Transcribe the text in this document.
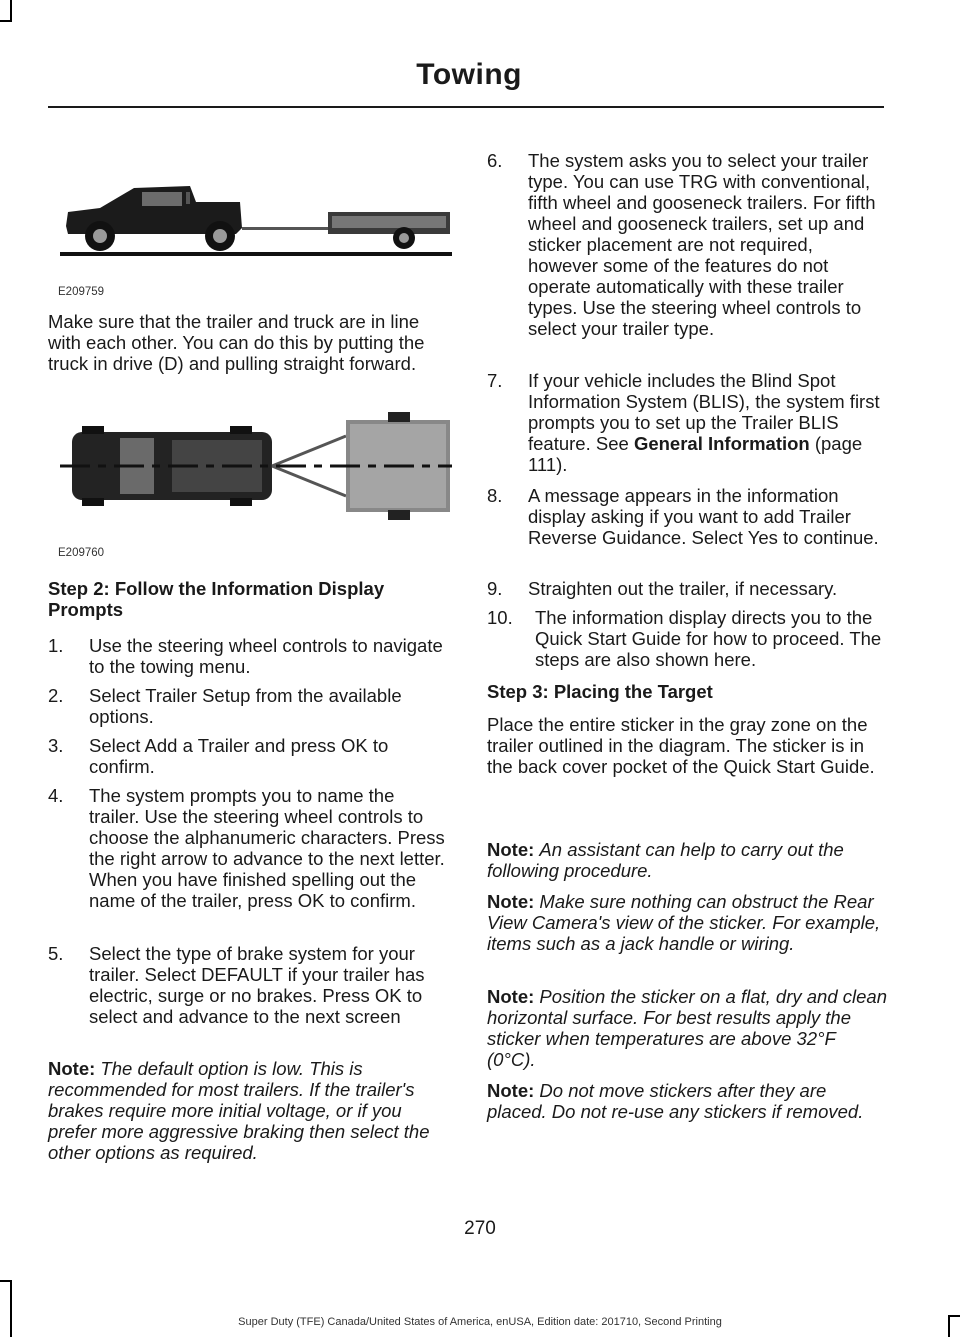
Towing
E209759

Make sure that the trailer and truck are in line with each other. You can do this by putting the truck in drive (D) and pulling straight forward.

E209760
Step 2: Follow the Information Display Prompts
1. Use the steering wheel controls to navigate to the towing menu.
2. Select Trailer Setup from the available options.
3. Select Add a Trailer and press OK to confirm.
4. The system prompts you to name the trailer. Use the steering wheel controls to choose the alphanumeric characters. Press the right arrow to advance to the next letter. When you have finished spelling out the name of the trailer, press OK to confirm.
5. Select the type of brake system for your trailer. Select DEFAULT if your trailer has electric, surge or no brakes. Press OK to select and advance to the next screen

Note: The default option is low. This is recommended for most trailers. If the trailer's brakes require more initial voltage, or if you prefer more aggressive braking then select the other options as required.

6. The system asks you to select your trailer type. You can use TRG with conventional, fifth wheel and gooseneck trailers. For fifth wheel and gooseneck trailers, set up and sticker placement are not required, however some of the features do not operate automatically with these trailer types. Use the steering wheel controls to select your trailer type.
7. If your vehicle includes the Blind Spot Information System (BLIS), the system first prompts you to set up the Trailer BLIS feature. See General Information (page 111).
8. A message appears in the information display asking if you want to add Trailer Reverse Guidance. Select Yes to continue.
9. Straighten out the trailer, if necessary.
10. The information display directs you to the Quick Start Guide for how to proceed. The steps are also shown here.
Step 3: Placing the Target

Place the entire sticker in the gray zone on the trailer outlined in the diagram. The sticker is in the back cover pocket of the Quick Start Guide.

Note: An assistant can help to carry out the following procedure.

Note: Make sure nothing can obstruct the Rear View Camera's view of the sticker. For example, items such as a jack handle or wiring.

Note: Position the sticker on a flat, dry and clean horizontal surface. For best results apply the sticker when temperatures are above 32°F (0°C).

Note: Do not move stickers after they are placed. Do not re-use any stickers if removed.

270
Super Duty (TFE) Canada/United States of America, enUSA, Edition date: 201710, Second Printing
